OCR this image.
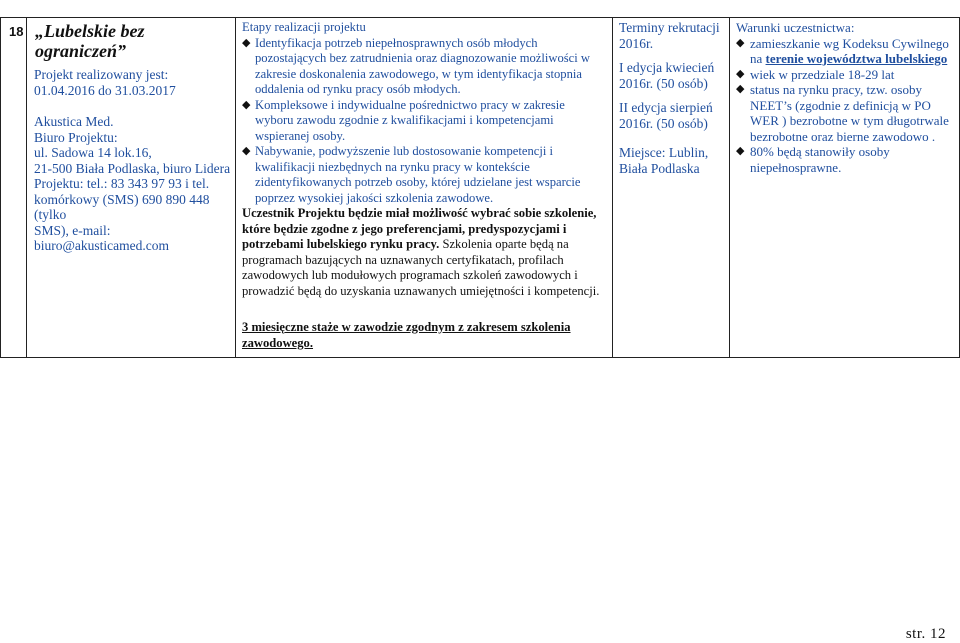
18	„Lubelskie bez ograniczeń”
Projekt realizowany jest:
01.04.2016 do 31.03.2017
Akustica Med.
Biuro Projektu:
ul. Sadowa 14 lok.16,
21-500 Biała Podlaska, biuro Lidera
Projektu: tel.: 83 343 97 93 i tel.
komórkowy (SMS) 690 890 448 (tylko
SMS), e-mail: biuro@akusticamed.com

Etapy realizacji projektu
◆ Identyfikacja potrzeb niepełnosprawnych osób młodych pozostających bez zatrudnienia oraz diagnozowanie możliwości w zakresie doskonalenia zawodowego, w tym identyfikacja stopnia oddalenia od rynku pracy osób młodych.
◆ Kompleksowe i indywidualne pośrednictwo pracy w zakresie wyboru zawodu zgodnie z kwalifikacjami i kompetencjami wspieranej osoby.
◆ Nabywanie, podwyższenie lub dostosowanie kompetencji i kwalifikacji niezbędnych na rynku pracy w kontekście zidentyfikowanych potrzeb osoby, której udzielane jest wsparcie poprzez wysokiej jakości szkolenia zawodowe.
Uczestnik Projektu będzie miał możliwość wybrać sobie szkolenie, które będzie zgodne z jego preferencjami, predyspozycjami i potrzebami lubelskiego rynku pracy. Szkolenia oparte będą na programach bazujących na uznawanych certyfikatach, profilach zawodowych lub modułowych programach szkoleń zawodowych i prowadzić będą do uzyskania uznawanych umiejętności i kompetencji.
3 miesięczne staże w zawodzie zgodnym z zakresem szkolenia zawodowego.

Terminy rekrutacji
2016r.
I edycja kwiecień
2016r. (50 osób)
II edycja sierpień
2016r. (50 osób)
Miejsce: Lublin,
Biała Podlaska

Warunki uczestnictwa:
◆ zamieszkanie wg Kodeksu Cywilnego na terenie województwa lubelskiego
◆ wiek w przedziale 18-29 lat
◆ status na rynku pracy, tzw. osoby NEET’s (zgodnie z definicją w PO WER ) bezrobotne w tym długotrwale bezrobotne oraz bierne zawodowo .
◆ 80% będą stanowiły osoby niepełnosprawne.
str. 12
